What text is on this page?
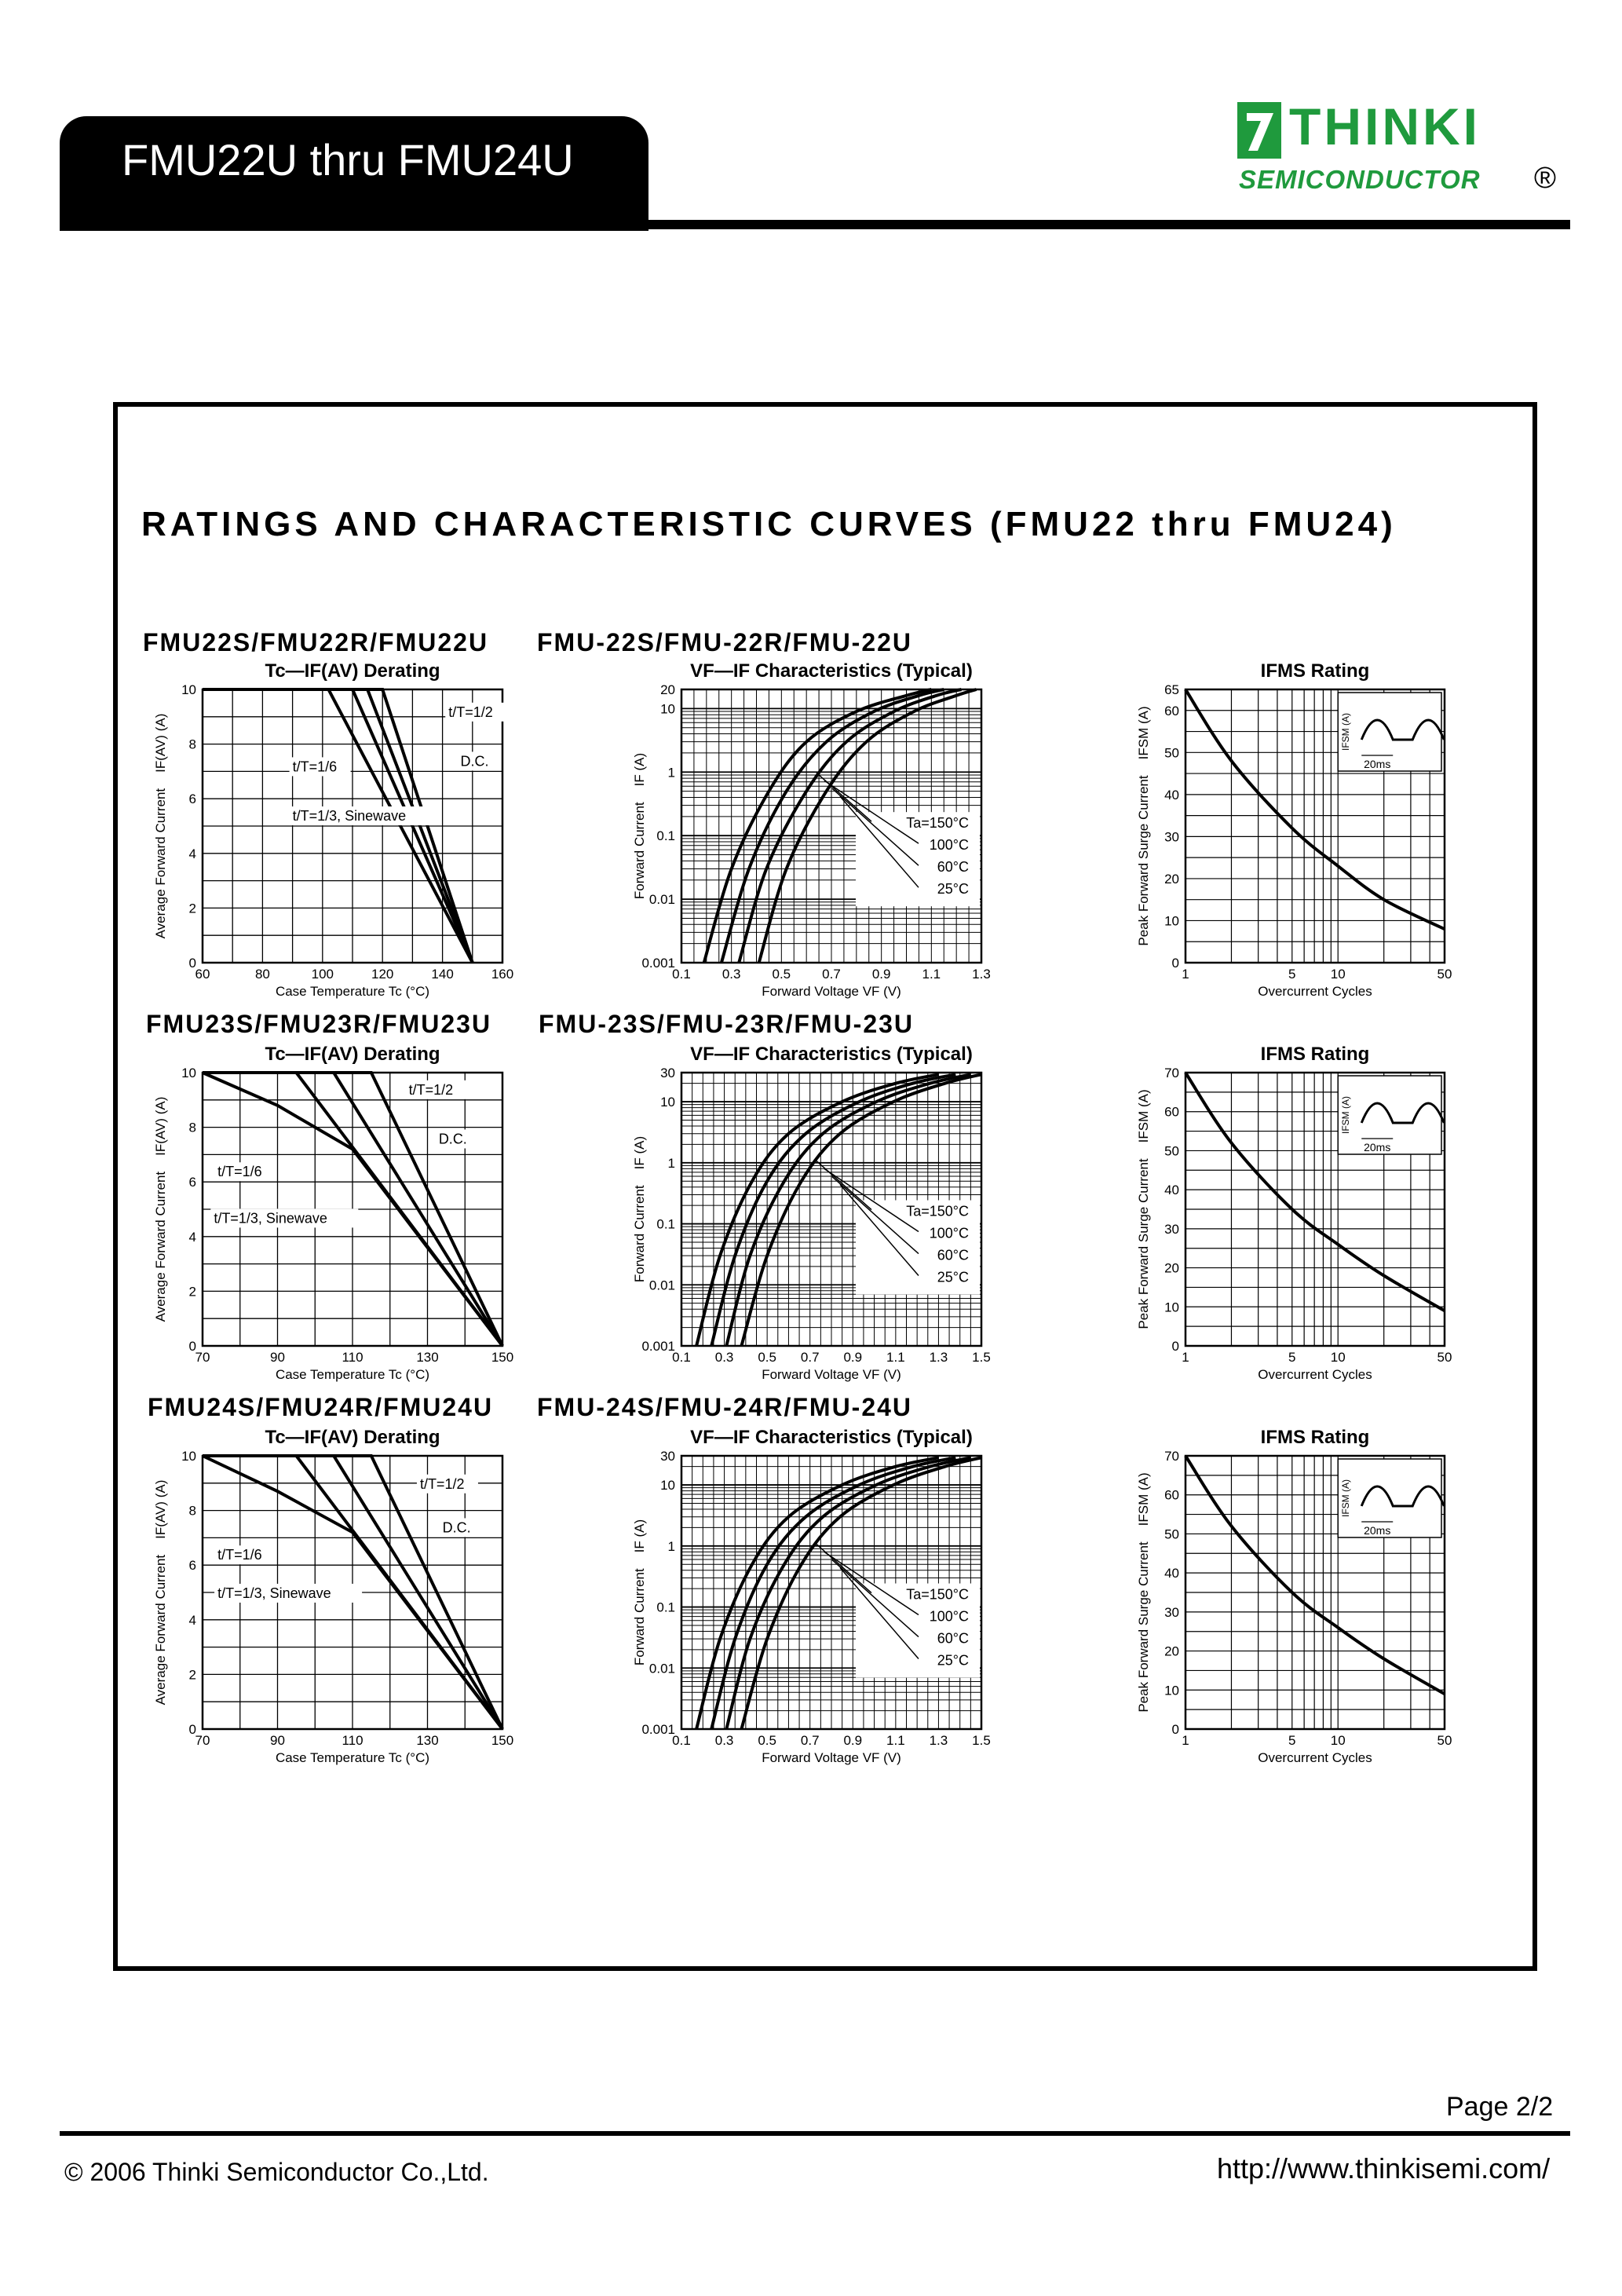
FMU22U thru FMU24U
THINKI
SEMICONDUCTOR ®
RATINGS AND CHARACTERISTIC CURVES (FMU22 thru FMU24)
FMU22S/FMU22R/FMU22U FMU-22S/FMU-22R/FMU-22U
FMU23S/FMU23R/FMU23U FMU-23S/FMU-23R/FMU-23U
FMU24S/FMU24R/FMU24U FMU-24S/FMU-24R/FMU-24U
Tc—IF(AV) Derating
60	80	100	120	140	160
0
2
4
6
8
10
Case Temperature Tc (°C)
Average Forward CurrentIF(AV) (A)
t/T=1/2
D.C.
t/T=1/6
t/T=1/3, Sinewave
VF—IF Characteristics (Typical)
0.1 0.3 0.5 0.7 0.9 1.1 1.3
0.001
0.01
0.1
1
10
20
Forward Voltage VF (V)
Forward CurrentIF (A)
Ta=150°C
100°C
60°C
25°C
IFMS Rating
1	5	10	50
0
10
20
30
40
50
60
65
Overcurrent Cycles
Peak Forward Surge CurrentIFSM (A)
20ms
IFSM (A)
Tc—IF(AV) Derating
70	90	110	130	150
0
2
4
6
8
10
Case Temperature Tc (°C)
Average Forward CurrentIF(AV) (A)
t/T=1/2
D.C.
t/T=1/6
t/T=1/3, Sinewave
VF—IF Characteristics (Typical)
0.1 0.3 0.5 0.7 0.9 1.1 1.3 1.5
0.001
0.01
0.1
1
10
30
Forward Voltage VF (V)
Forward CurrentIF (A)
Ta=150°C
100°C
60°C
25°C
IFMS Rating
1	5	10	50
0
10
20
30
40
50
60
70
Overcurrent Cycles
Peak Forward Surge CurrentIFSM (A)
20ms
IFSM (A)
Tc—IF(AV) Derating
70	90	110	130	150
0
2
4
6
8
10
Case Temperature Tc (°C)
Average Forward CurrentIF(AV) (A)	t/T=1/2
D.C.
t/T=1/6
t/T=1/3, Sinewave
VF—IF Characteristics (Typical)
0.1 0.3 0.5 0.7 0.9 1.1 1.3 1.5
0.001
0.01
0.1
1
10
30
Forward Voltage VF (V)
Forward CurrentIF (A)
Ta=150°C
100°C
60°C
25°C
IFMS Rating
1	5	10	50
0
10
20
30
40
50
60
70
Overcurrent Cycles
Peak Forward Surge CurrentIFSM (A)
20ms
IFSM (A)
Page 2/2
© 2006 Thinki Semiconductor Co.,Ltd.	http://www.thinkisemi.com/
